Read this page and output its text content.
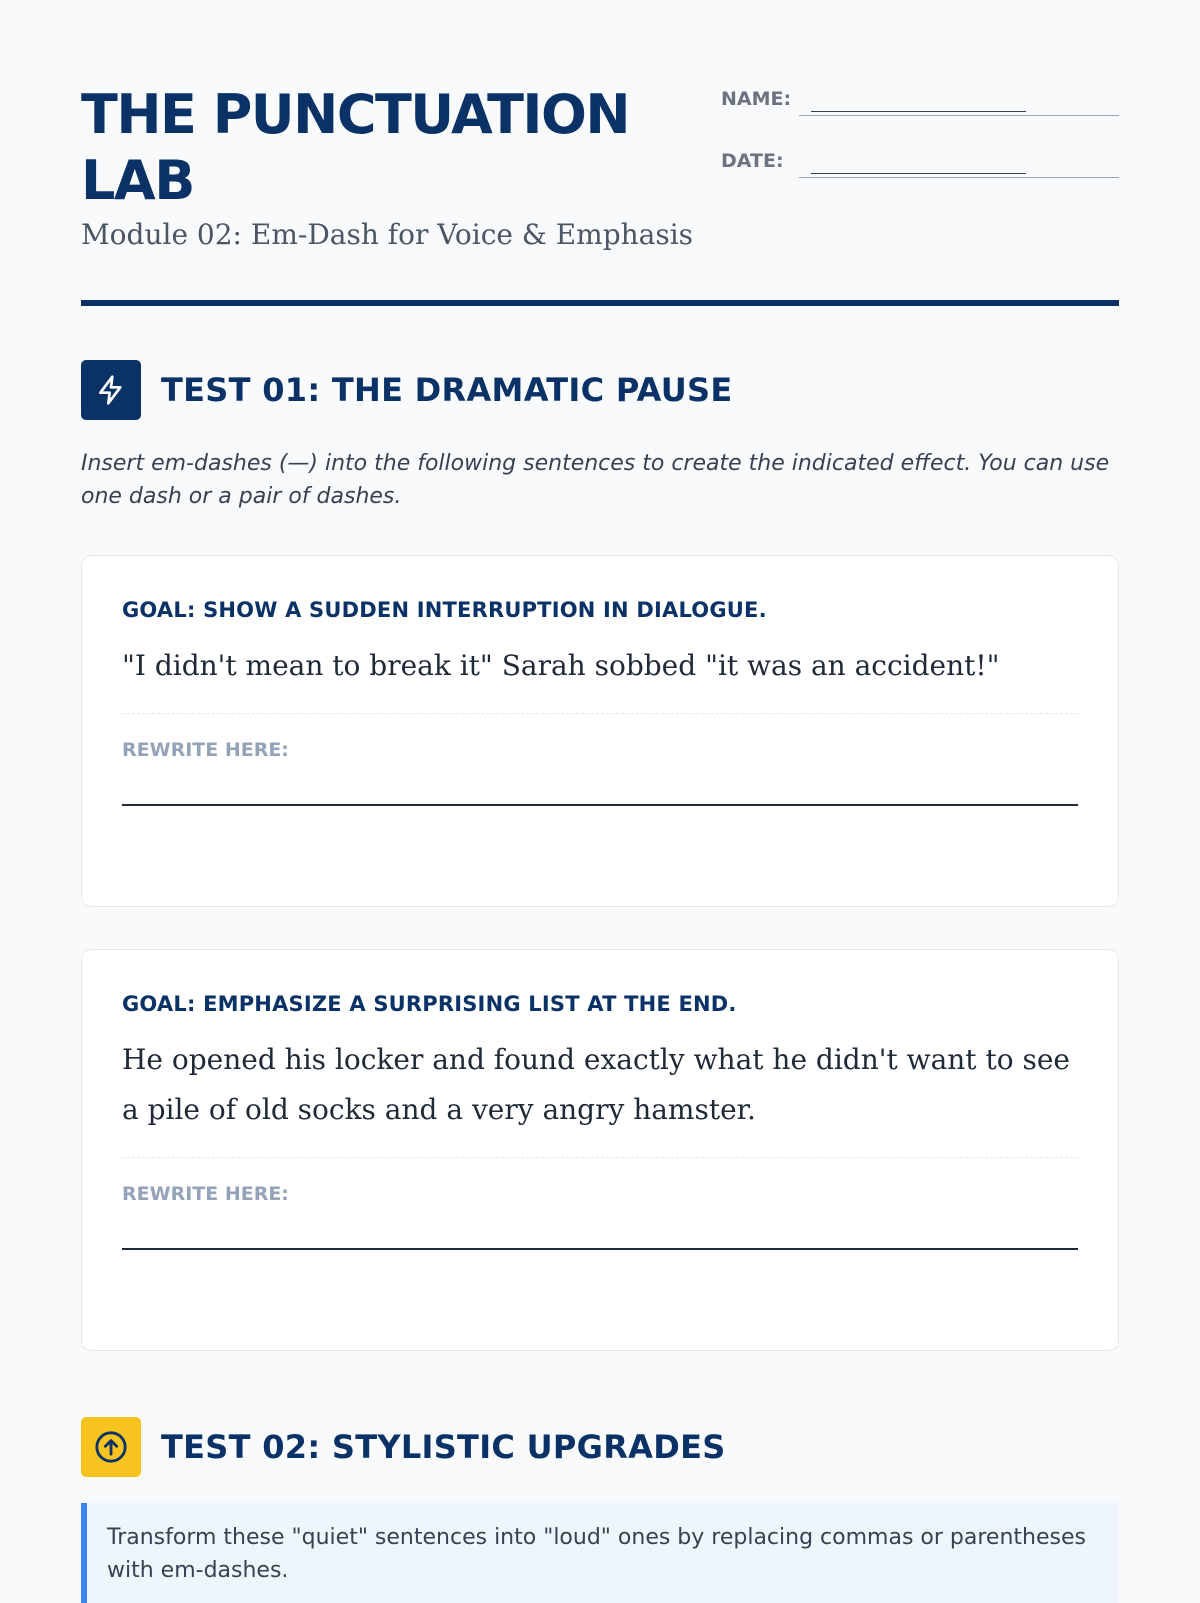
THE PUNCTUATION LAB

Module 02: Em-Dash for Voice & Emphasis

NAME:
DATE:
TEST 01: THE DRAMATIC PAUSE

Insert em-dashes (—) into the following sentences to create the indicated effect. You can use one dash or a pair of dashes.

GOAL: SHOW A SUDDEN INTERRUPTION IN DIALOGUE.

"I didn't mean to break it" Sarah sobbed "it was an accident!"

REWRITE HERE:

GOAL: EMPHASIZE A SURPRISING LIST AT THE END.

He opened his locker and found exactly what he didn't want to see a pile of old socks and a very angry hamster.

REWRITE HERE:

TEST 02: STYLISTIC UPGRADES

Transform these "quiet" sentences into "loud" ones by replacing commas or parentheses with em-dashes.
